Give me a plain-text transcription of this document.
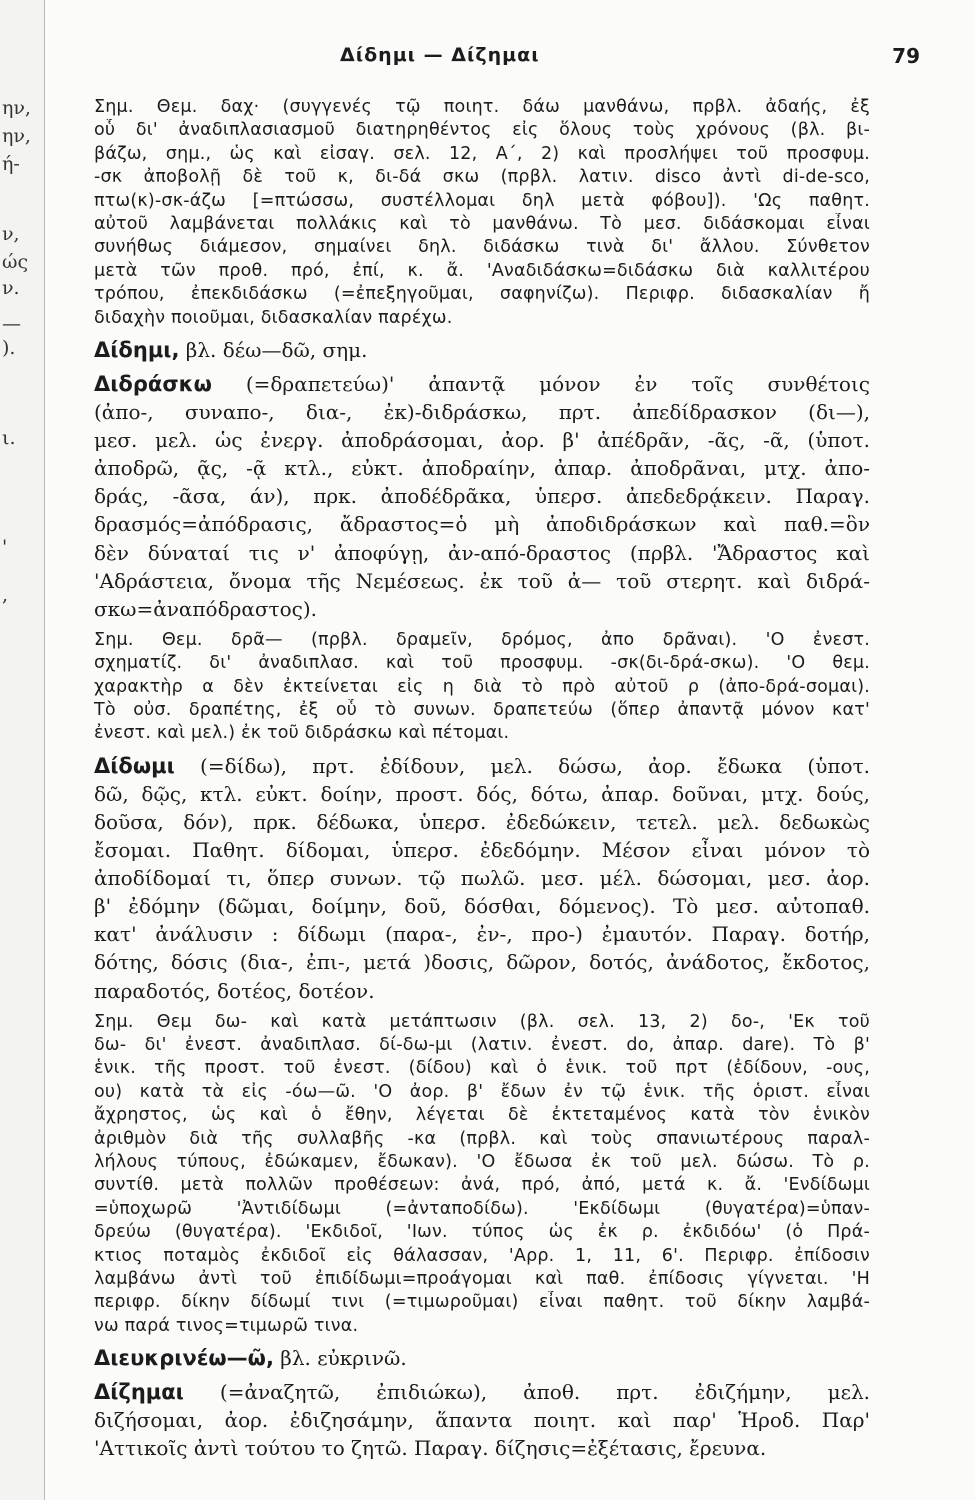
ην,
ην,
ή-
ν,
ώς
ν.
—
).
ι.
'
,
Δίδημι — Δίζημαι	79
Σημ. Θεμ. δαχ· (συγγενές τῷ ποιητ. δάω μανθάνω, πρβλ. ἀδαής, ἐξ
οὗ δι' ἀναδιπλασιασμοῦ διατηρηθέντος εἰς ὅλους τοὺς χρόνους (βλ. βι-
βάζω, σημ., ὡς καὶ εἰσαγ. σελ. 12, Α΄, 2) καὶ προσλήψει τοῦ προσφυμ.
-σκ ἀποβολῇ δὲ τοῦ κ, δι-δά σκω (πρβλ. λατιν. disco ἀντὶ di-de-sco,
πτω(κ)-σκ-άζω [=πτώσσω, συστέλλομαι δηλ μετὰ φόβου]). 'Ως παθητ.
αὐτοῦ λαμβάνεται πολλάκις καὶ τὸ μανθάνω. Τὸ μεσ. διδάσκομαι εἶναι
συνήθως διάμεσον, σημαίνει δηλ. διδάσκω τινὰ δι' ἄλλου. Σύνθετον
μετὰ τῶν προθ. πρό, ἐπί, κ. ἄ. 'Αναδιδάσκω=διδάσκω διὰ καλλιτέρου
τρόπου, ἐπεκδιδάσκω (=ἐπεξηγοῦμαι, σαφηνίζω). Περιφρ. διδασκαλίαν ἤ
διδαχὴν ποιοῦμαι, διδασκαλίαν παρέχω.
Δίδημι, βλ. δέω—δῶ, σημ.
Διδράσκω (=δραπετεύω)' ἀπαντᾷ μόνον ἐν τοῖς συνθέτοις
(ἀπο-, συναπο-, δια-, ἐκ)-διδράσκω, πρτ. ἀπεδίδρασκον (δι—),
μεσ. μελ. ὡς ἐνεργ. ἀποδράσομαι, ἀορ. β' ἀπέδρᾶν, -ᾶς, -ᾶ, (ὑποτ.
ἀποδρῶ, ᾷς, -ᾷ κτλ., εὐκτ. ἀποδραίην, ἀπαρ. ἀποδρᾶναι, μτχ. ἀπο-
δράς, -ᾶσα, άν), πρκ. ἀποδέδρᾶκα, ὑπερσ. ἀπεδεδρᾴκειν. Παραγ.
δρασμός=ἀπόδρασις, ἄδραστος=ὁ μὴ ἀποδιδράσκων καὶ παθ.=ὃν
δὲν δύναταί τις ν' ἀποφύγῃ, ἀν-από-δραστος (πρβλ. 'Ἄδραστος καὶ
'Αδράστεια, ὄνομα τῆς Νεμέσεως. ἐκ τοῦ ἀ— τοῦ στερητ. καὶ διδρά-
σκω=ἀναπόδραστος).
Σημ. Θεμ. δρᾶ— (πρβλ. δραμεῖν, δρόμος, ἀπο δρᾶναι). 'Ο ἐνεστ.
σχηματίζ. δι' ἀναδιπλασ. καὶ τοῦ προσφυμ. -σκ(δι-δρά-σκω). 'Ο θεμ.
χαρακτὴρ α δὲν ἐκτείνεται εἰς η διὰ τὸ πρὸ αὐτοῦ ρ (ἀπο-δρά-σομαι).
Τὸ οὐσ. δραπέτης, ἐξ οὗ τὸ συνων. δραπετεύω (ὅπερ ἀπαντᾷ μόνον κατ'
ἐνεστ. καὶ μελ.) ἐκ τοῦ διδράσκω καὶ πέτομαι.
Δίδωμι (=δίδω), πρτ. ἐδίδουν, μελ. δώσω, ἀορ. ἔδωκα (ὑποτ.
δῶ, δῷς, κτλ. εὐκτ. δοίην, προστ. δός, δότω, ἀπαρ. δοῦναι, μτχ. δούς,
δοῦσα, δόν), πρκ. δέδωκα, ὑπερσ. ἐδεδώκειν, τετελ. μελ. δεδωκὼς
ἔσομαι. Παθητ. δίδομαι, ὑπερσ. ἐδεδόμην. Μέσον εἶναι μόνον τὸ
ἀποδίδομαί τι, ὅπερ συνων. τῷ πωλῶ. μεσ. μέλ. δώσομαι, μεσ. ἀορ.
β' ἐδόμην (δῶμαι, δοίμην, δοῦ, δόσθαι, δόμενος). Τὸ μεσ. αὐτοπαθ.
κατ' ἀνάλυσιν : δίδωμι (παρα-, ἐν-, προ-) ἐμαυτόν. Παραγ. δοτήρ,
δότης, δόσις (δια-, ἐπι-, μετά )δοσις, δῶρον, δοτός, ἀνάδοτος, ἔκδοτος,
παραδοτός, δοτέος, δοτέον.
Σημ. Θεμ δω- καὶ κατὰ μετάπτωσιν (βλ. σελ. 13, 2) δο-, 'Εκ τοῦ
δω- δι' ἐνεστ. ἀναδιπλασ. δί-δω-μι (λατιν. ἐνεστ. do, ἀπαρ. dare). Τὸ β'
ἑνικ. τῆς προστ. τοῦ ἐνεστ. (δίδου) καὶ ὁ ἑνικ. τοῦ πρτ (ἐδίδουν, -ους,
ου) κατὰ τὰ εἰς -όω—ῶ. 'Ο ἀορ. β' ἔδων ἐν τῷ ἑνικ. τῆς ὁριστ. εἶναι
ἄχρηστος, ὡς καὶ ὁ ἔθην, λέγεται δὲ ἐκτεταμένος κατὰ τὸν ἑνικὸν
ἀριθμὸν διὰ τῆς συλλαβῆς -κα (πρβλ. καὶ τοὺς σπανιωτέρους παραλ-
λήλους τύπους, ἐδώκαμεν, ἔδωκαν). 'Ο ἔδωσα ἐκ τοῦ μελ. δώσω. Τὸ ρ.
συντίθ. μετὰ πολλῶν προθέσεων: ἀνά, πρό, ἀπό, μετά κ. ἄ. 'Ενδίδωμι
=ὑποχωρῶ 'Ἀντιδίδωμι (=ἀνταποδίδω). 'Εκδίδωμι (θυγατέρα)=ὑπαν-
δρεύω (θυγατέρα). 'Εκδιδοῖ, 'Ιων. τύπος ὡς ἐκ ρ. ἐκδιδόω' (ὁ Πρά-
κτιος ποταμὸς ἐκδιδοῖ εἰς θάλασσαν, 'Αρρ. 1, 11, 6'. Περιφρ. ἐπίδοσιν
λαμβάνω ἀντὶ τοῦ ἐπιδίδωμι=προάγομαι καὶ παθ. ἐπίδοσις γίγνεται. 'Η
περιφρ. δίκην δίδωμί τινι (=τιμωροῦμαι) εἶναι παθητ. τοῦ δίκην λαμβά-
νω παρά τινος=τιμωρῶ τινα.
Διευκρινέω—ῶ, βλ. εὐκρινῶ.
Δίζημαι (=ἀναζητῶ, ἐπιδιώκω), ἀποθ. πρτ. ἐδιζήμην, μελ.
διζήσομαι, ἀορ. ἐδιζησάμην, ἅπαντα ποιητ. καὶ παρ' Ἡροδ. Παρ'
'Αττικοῖς ἀντὶ τούτου το ζητῶ. Παραγ. δίζησις=ἐξέτασις, ἔρευνα.
